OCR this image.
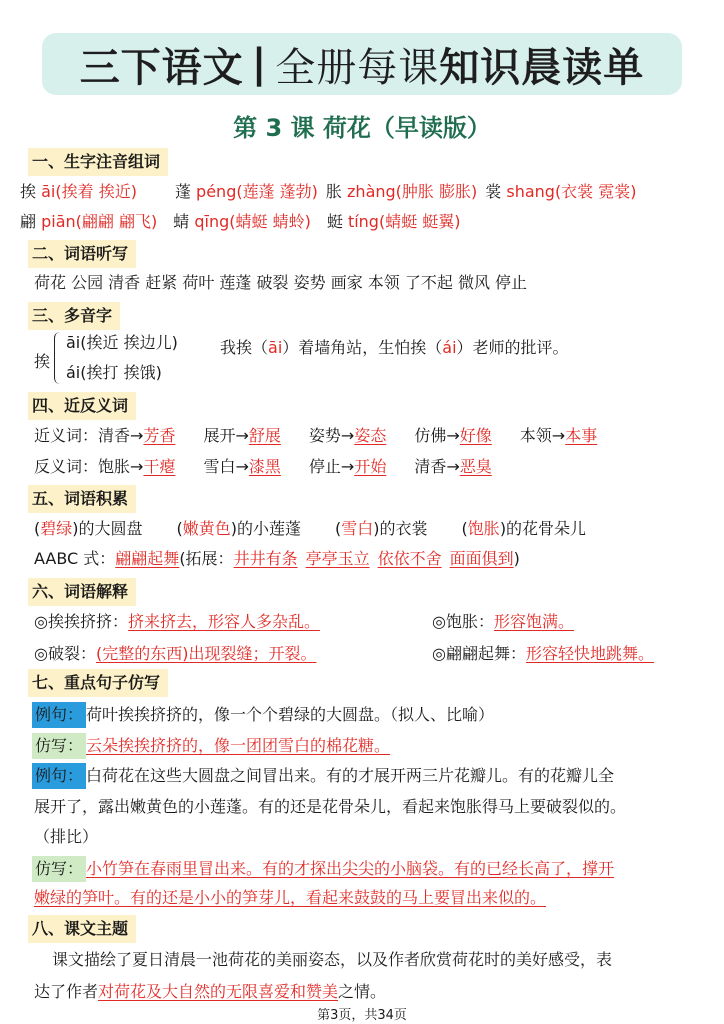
三下语文 | 全册每课 知识晨读单
第 3 课 荷花（早读版）
一、生字注音组词
挨 āi(挨着 挨近) 蓬 péng(莲蓬 蓬勃) 胀 zhàng(肿胀 膨胀) 裳 shang(衣裳 霓裳)
翩 piān(翩翩 翩飞) 蜻 qīng(蜻蜓 蜻蛉) 蜓 tíng(蜻蜓 蜓翼)
二、词语听写
荷花 公园 清香 赶紧 荷叶 莲蓬 破裂 姿势 画家 本领 了不起 微风 停止
三、多音字
挨
āi(挨近 挨边儿)
ái(挨打 挨饿)
我挨（āi）着墙角站，生怕挨（ái）老师的批评。
四、近反义词
近义词：清香→芳香 展开→舒展 姿势→姿态 仿佛→好像 本领→本事
反义词：饱胀→干瘪 雪白→漆黑 停止→开始 清香→恶臭
五、词语积累
(碧绿)的大圆盘 (嫩黄色)的小莲蓬 (雪白)的衣裳 (饱胀)的花骨朵儿
AABC 式：翩翩起舞(拓展：井井有条 亭亭玉立 依依不舍 面面俱到)
六、词语解释
◎挨挨挤挤：挤来挤去，形容人多杂乱。	◎饱胀：形容饱满。
◎破裂：(完整的东西)出现裂缝；开裂。	◎翩翩起舞：形容轻快地跳舞。
七、重点句子仿写
例句： 荷叶挨挨挤挤的，像一个个碧绿的大圆盘。（拟人、比喻）
仿写： 云朵挨挨挤挤的，像一团团雪白的棉花糖。
例句： 白荷花在这些大圆盘之间冒出来。有的才展开两三片花瓣儿。有的花瓣儿全
展开了，露出嫩黄色的小莲蓬。有的还是花骨朵儿，看起来饱胀得马上要破裂似的。
（排比）
仿写： 小竹笋在春雨里冒出来。有的才探出尖尖的小脑袋。有的已经长高了，撑开
嫩绿的笋叶。有的还是小小的笋芽儿，看起来鼓鼓的马上要冒出来似的。
八、课文主题
课文描绘了夏日清晨一池荷花的美丽姿态，以及作者欣赏荷花时的美好感受，表
达了作者对荷花及大自然的无限喜爱和赞美之情。
第3页，共34页
